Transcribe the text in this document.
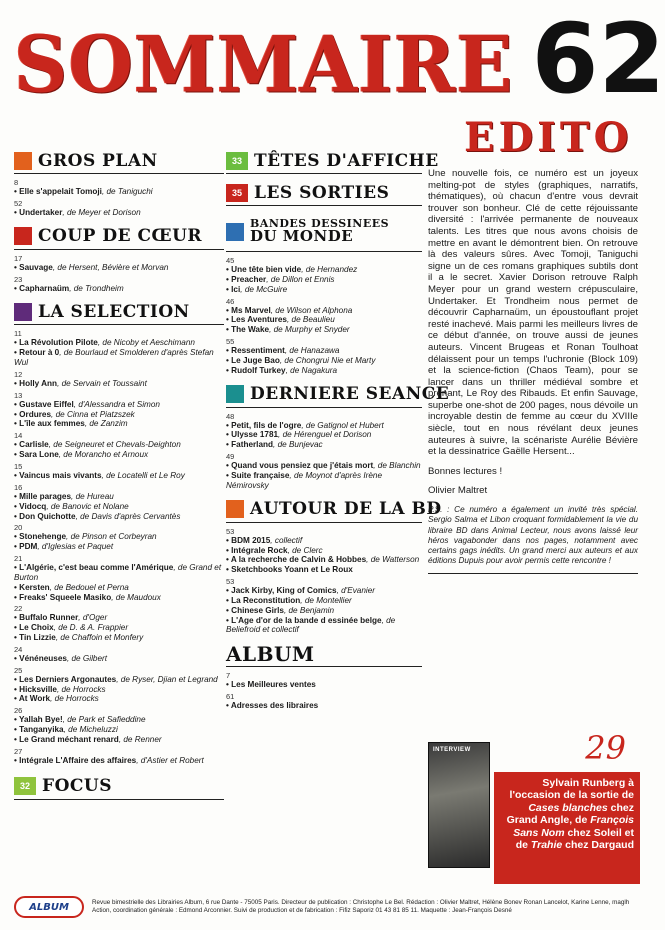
SOMMAIRE 62
GROS PLAN
8
• Elle s'appelait Tomoji, de Taniguchi
52
• Undertaker, de Meyer et Dorison
COUP DE CŒUR
17
• Sauvage, de Hersent, Bévière et Morvan
23
• Capharnaüm, de Trondheim
LA SELECTION
11
• La Révolution Pilote, de Nicoby et Aeschimann
• Retour à 0, de Bourlaud et Smolderen d'après Stefan Wul
12
• Holly Ann, de Servain et Toussaint
13
• Gustave Eiffel, d'Alessandra et Simon
• Ordures, de Cinna et Piatzszek
• L'île aux femmes, de Zanzim
14
• Carlisle, de Seigneuret et Chevals-Deighton
• Sara Lone, de Morancho et Arnoux
15
• Vaincus mais vivants, de Locatelli et Le Roy
16
• Mille parages, de Hureau
• Vidocq, de Banovic et Nolane
• Don Quichotte, de Davis d'après Cervantès
20
• Stonehenge, de Pinson et Corbeyran
• PDM, d'Iglesias et Paquet
21
• L'Algérie, c'est beau comme l'Amérique, de Grand et Burton
• Kersten, de Bedouel et Perna
• Freaks' Squeele Masiko, de Maudoux
22
• Buffalo Runner, d'Oger
• Le Choix, de D. & A. Frappier
• Tin Lizzie, de Chaffoin et Monfery
24
• Vénéneuses, de Gilbert
25
• Les Derniers Argonautes, de Ryser, Djian et Legrand
• Hicksville, de Horrocks
• At Work, de Horrocks
26
• Yallah Bye!, de Park et Safieddine
• Tanganyika, de Micheluzzi
• Le Grand méchant renard, de Renner
27
• Intégrale L'Affaire des affaires, d'Astier et Robert
32 FOCUS
33 TÊTES D'AFFICHE
35 LES SORTIES
BANDES DESSINEES
DU MONDE
45
• Une tête bien vide, de Hernandez
• Preacher, de Dillon et Ennis
• Ici, de McGuire
46
• Ms Marvel, de Wilson et Alphona
• Les Aventures, de Beaulieu
• The Wake, de Murphy et Snyder
55
• Ressentiment, de Hanazawa
• Le Juge Bao, de Chongrui Nie et Marty
• Rudolf Turkey, de Nagakura
DERNIERE SEANCE
48
• Petit, fils de l'ogre, de Gatignol et Hubert
• Ulysse 1781, de Hérenguel et Dorison
• Fatherland, de Bunjevac
49
• Quand vous pensiez que j'étais mort, de Blanchin
• Suite française, de Moynot d'après Irène Némirovsky
AUTOUR DE LA BD
53
• BDM 2015, collectif
• Intégrale Rock, de Clerc
• A la recherche de Calvin & Hobbes, de Watterson
• Sketchbooks Yoann et Le Roux
53
• Jack Kirby, King of Comics, d'Evanier
• La Reconstitution, de Montellier
• Chinese Girls, de Benjamin
• L'Age d'or de la bande d essinée belge, de Beliefroid et collectif
ALBUM
7
• Les Meilleures ventes
61
• Adresses des libraires
EDITO

Une nouvelle fois, ce numéro est un joyeux melting-pot de styles (graphiques, narratifs, thématiques), où chacun d'entre vous devrait trouver son bonheur. Clé de cette réjouissante diversité : l'arrivée permanente de nouveaux talents. Les titres que nous avons choisis de mettre en avant le démontrent bien. On retrouve là des valeurs sûres. Avec Tomoji, Taniguchi signe un de ces romans graphiques subtils dont il a le secret. Xavier Dorison retrouve Ralph Meyer pour un grand western crépusculaire, Undertaker. Et Trondheim nous permet de découvrir Capharnaüm, un époustouflant projet resté inachevé. Mais parmi les meilleurs livres de ce début d'année, on trouve aussi de jeunes auteurs. Vincent Brugeas et Ronan Toulhoat délaissent pour un temps l'uchronie (Block 109) et la science-fiction (Chaos Team), pour se lancer dans un thriller médiéval sombre et prenant, Le Roy des Ribauds. Et enfin Sauvage, superbe one-shot de 200 pages, nous dévoile un incroyable destin de femme au cœur du XVIIIe siècle, tout en nous révélant deux jeunes auteures à suivre, la scénariste Aurélie Bévière et la dessinatrice Gaëlle Hersent...

Bonnes lectures !

Olivier Maltret

P.S. : Ce numéro a également un invité très spécial. Sergio Salma et Libon croquant formidablement la vie du libraire BD dans Animal Lecteur, nous avons laissé leur héros vagabonder dans nos pages, notamment avec certains gags inédits. Un grand merci aux auteurs et aux éditions Dupuis pour avoir permis cette rencontre !
INTERVIEW	29
Sylvain Runberg à l'occasion de la sortie de Cases blanches chez Grand Angle, de François Sans Nom chez Soleil et de Trahie chez Dargaud
ALBUM	Revue bimestrielle des Librairies Album, 6 rue Dante - 75005 Paris. Directeur de publication : Christophe Le Bel. Rédaction : Olivier Maltret, Hélène Bonev Ronan Lancelot, Karine Lenne, maglh Action, coordination générale : Edmond Arconnier. Suivi de production et de fabrication : Fifiz Saporiz 01 43 81 85 11. Maquette : Jean-François Desné
